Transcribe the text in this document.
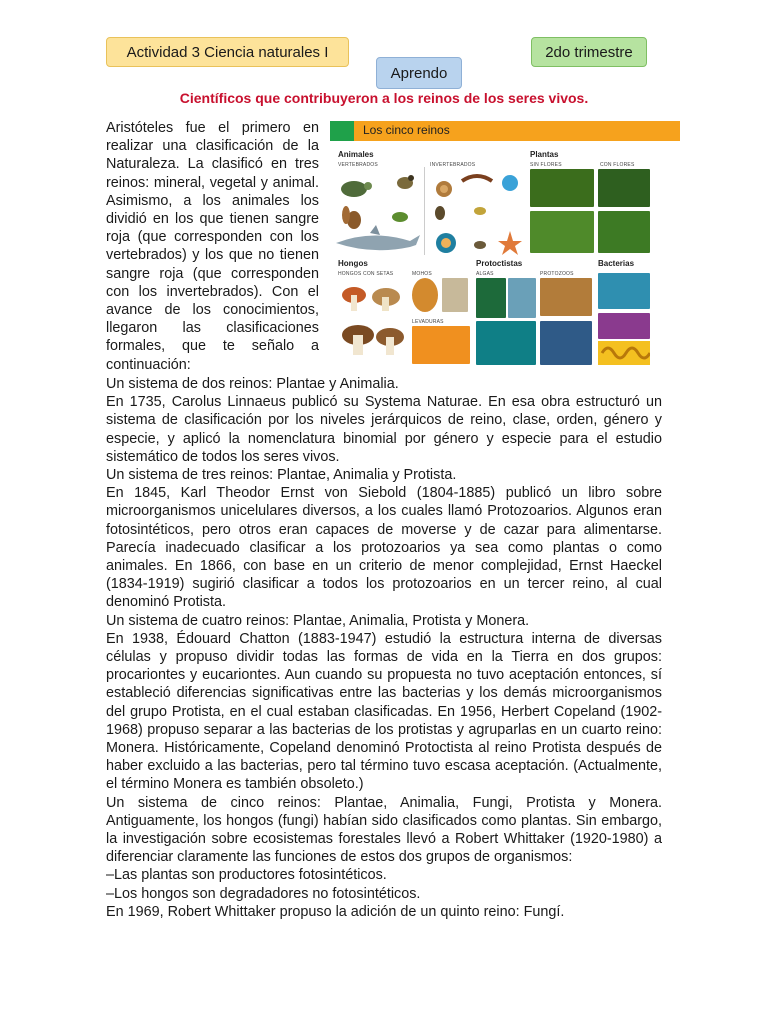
Actividad 3 Ciencia naturales I
Aprendo
2do trimestre
Científicos que contribuyeron a los reinos de los seres vivos.

Aristóteles fue el primero en realizar una clasificación de la Naturaleza. La clasificó en tres reinos: mineral, vegetal y animal. Asimismo, a los animales los dividió en los que tienen sangre roja (que corresponden con los vertebrados) y los que no tienen sangre roja (que corresponden con los invertebrados). Con el avance de los conocimientos, llegaron las clasificaciones formales, que te señalo a continuación:

Los cinco reinos
Animales
VERTEBRADOS	INVERTEBRADOS
Plantas
SIN FLORES	CON FLORES
Hongos
HONGOS CON SETAS	MOHOS
LEVADURAS
Protoctistas
ALGAS	PROTOZOOS
Bacterias
Un sistema de dos reinos: Plantae y Animalia.
En 1735, Carolus Linnaeus publicó su Systema Naturae. En esa obra estructuró un sistema de clasificación por los niveles jerárquicos de reino, clase, orden, género y especie, y aplicó la nomenclatura binomial por género y especie para el estudio sistemático de todos los seres vivos.
Un sistema de tres reinos: Plantae, Animalia y Protista.
En 1845, Karl Theodor Ernst von Siebold (1804-1885) publicó un libro sobre microorganismos unicelulares diversos, a los cuales llamó Protozoarios. Algunos eran fotosintéticos, pero otros eran capaces de moverse y de cazar para alimentarse. Parecía inadecuado clasificar a los protozoarios ya sea como plantas o como animales. En 1866, con base en un criterio de menor complejidad, Ernst Haeckel (1834-1919) sugirió clasificar a todos los protozoarios en un tercer reino, al cual denominó Protista.
Un sistema de cuatro reinos: Plantae, Animalia, Protista y Monera.
En 1938, Édouard Chatton (1883-1947) estudió la estructura interna de diversas células y propuso dividir todas las formas de vida en la Tierra en dos grupos: procariontes y eucariontes. Aun cuando su propuesta no tuvo aceptación entonces, sí estableció diferencias significativas entre las bacterias y los demás microorganismos del grupo Protista, en el cual estaban clasificadas. En 1956, Herbert Copeland (1902-1968) propuso separar a las bacterias de los protistas y agruparlas en un cuarto reino: Monera. Históricamente, Copeland denominó Protoctista al reino Protista después de haber excluido a las bacterias, pero tal término tuvo escasa aceptación. (Actualmente, el término Monera es también obsoleto.)
Un sistema de cinco reinos: Plantae, Animalia, Fungi, Protista y Monera. Antiguamente, los hongos (fungi) habían sido clasificados como plantas. Sin embargo, la investigación sobre ecosistemas forestales llevó a Robert Whittaker (1920-1980) a diferenciar claramente las funciones de estos dos grupos de organismos:
–Las plantas son productores fotosintéticos.
–Los hongos son degradadores no fotosintéticos.
En 1969, Robert Whittaker propuso la adición de un quinto reino: Fungí.
